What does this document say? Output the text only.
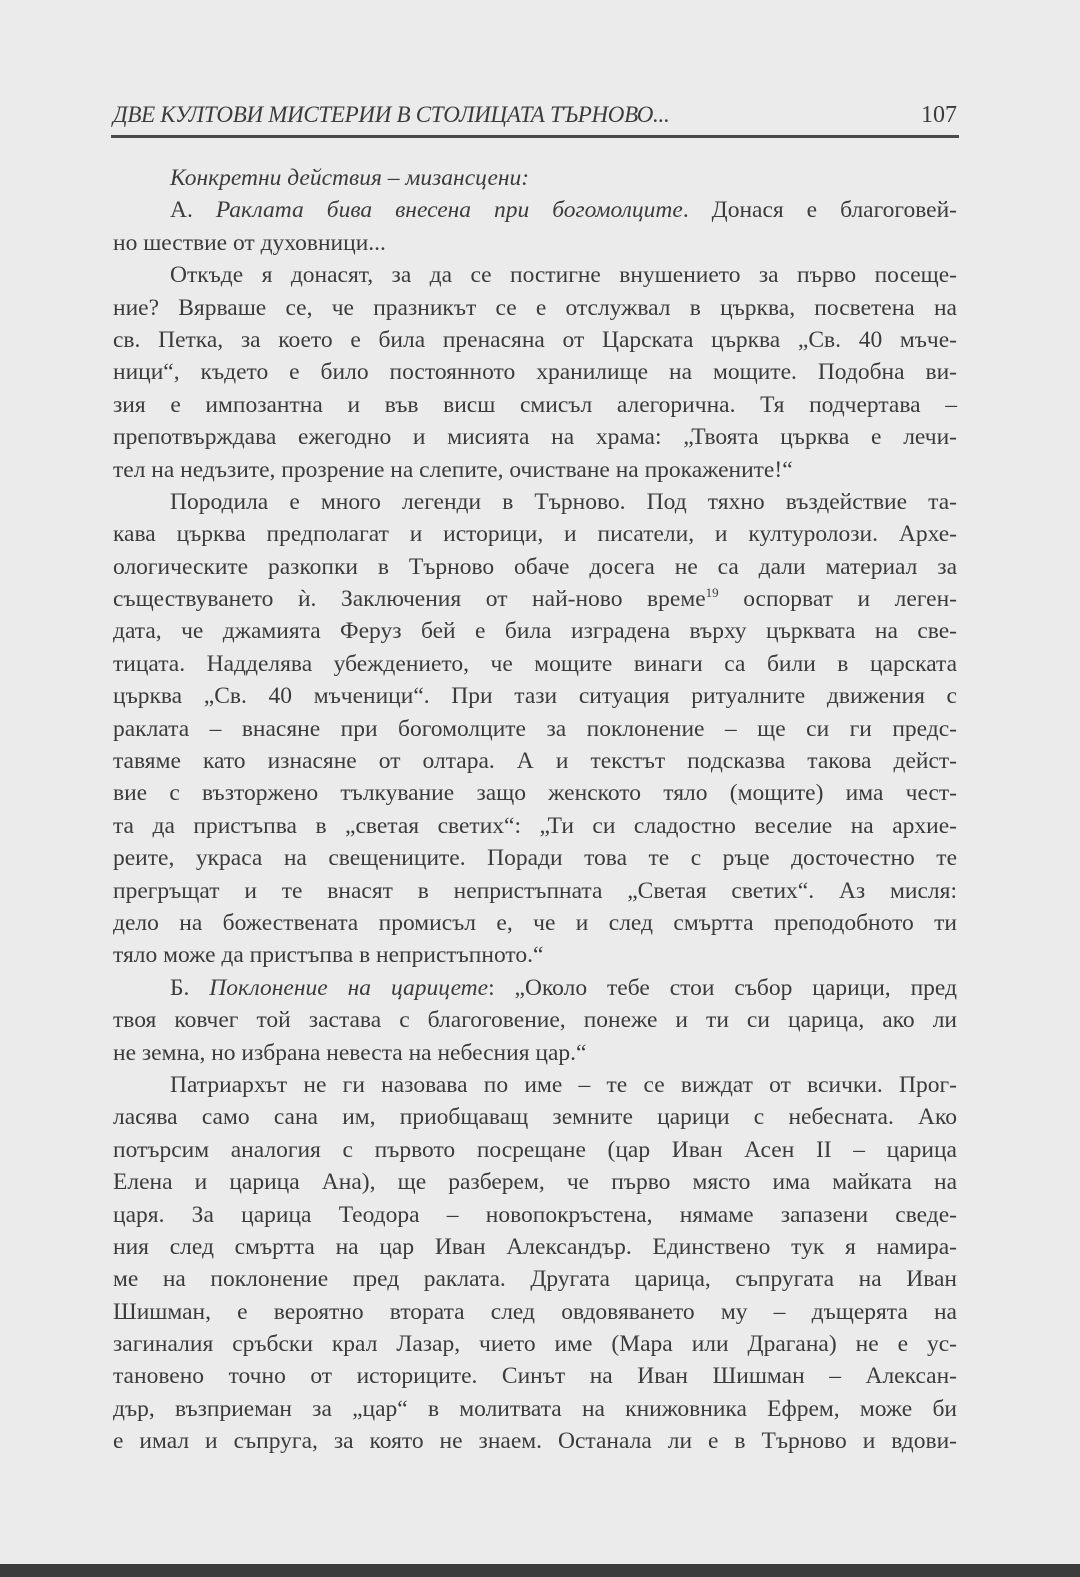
ДВЕ КУЛТОВИ МИСТЕРИИ В СТОЛИЦАТА ТЪРНОВО...	107
Конкретни действия – мизансцени:
А. Раклата бива внесена при богомолците. Донася е благоговей-
но шествие от духовници...
Откъде я донасят, за да се постигне внушението за първо посеще-
ние? Вярваше се, че празникът се е отслужвал в църква, посветена на
св. Петка, за което е била пренасяна от Царската църква „Св. 40 мъче-
ници“, където е било постоянното хранилище на мощите. Подобна ви-
зия е импозантна и във висш смисъл алегорична. Тя подчертава –
препотвърждава ежегодно и мисията на храма: „Твоята църква е лечи-
тел на недъзите, прозрение на слепите, очистване на прокажените!“
Породила е много легенди в Търново. Под тяхно въздействие та-
кава църква предполагат и историци, и писатели, и културолози. Архе-
ологическите разкопки в Търново обаче досега не са дали материал за
съществуването ѝ. Заключения от най-ново време$^{19}$ оспорват и леген-
дата, че джамията Феруз бей е била изградена върху църквата на све-
тицата. Надделява убеждението, че мощите винаги са били в царската
църква „Св. 40 мъченици“. При тази ситуация ритуалните движения с
раклата – внасяне при богомолците за поклонение – ще си ги предс-
тавяме като изнасяне от олтара. А и текстът подсказва такова дейст-
вие с възторжено тълкувание защо женското тяло (мощите) има чест-
та да пристъпва в „светая светих“: „Ти си сладостно веселие на архие-
реите, украса на свещениците. Поради това те с ръце досточестно те
прегръщат и те внасят в непристъпната „Светая светих“. Аз мисля:
дело на божествената промисъл е, че и след смъртта преподобното ти
тяло може да пристъпва в непристъпното.“
Б. Поклонение на царицете: „Около тебе стои събор царици, пред
твоя ковчег той застава с благоговение, понеже и ти си царица, ако ли
не земна, но избрана невеста на небесния цар.“
Патриархът не ги назовава по име – те се виждат от всички. Прог-
ласява само сана им, приобщаващ земните царици с небесната. Ако
потърсим аналогия с първото посрещане (цар Иван Асен II – царица
Елена и царица Ана), ще разберем, че първо място има майката на
царя. За царица Теодора – новопокръстена, нямаме запазени сведе-
ния след смъртта на цар Иван Александър. Единствено тук я намира-
ме на поклонение пред раклата. Другата царица, съпругата на Иван
Шишман, е вероятно втората след овдовяването му – дъщерята на
загиналия сръбски крал Лазар, чието име (Мара или Драгана) не е ус-
тановено точно от историците. Синът на Иван Шишман – Алексан-
дър, възприеман за „цар“ в молитвата на книжовника Ефрем, може би
е имал и съпруга, за която не знаем. Останала ли е в Търново и вдови-
